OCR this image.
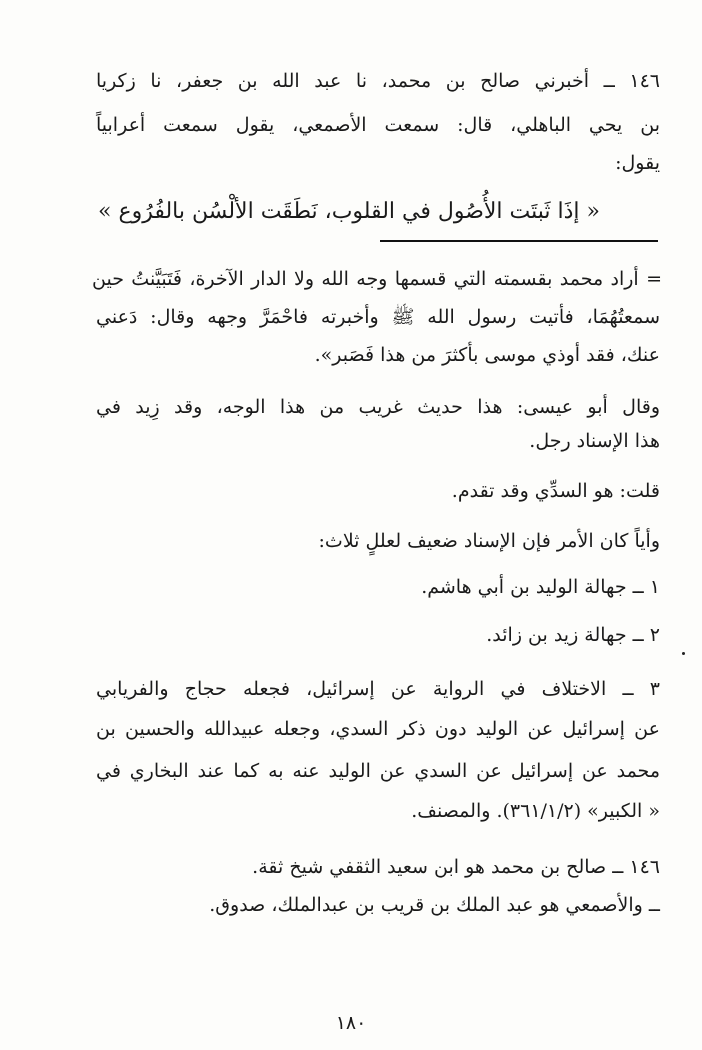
١٤٦ ــ أخبرني صالح بن محمد، نا عبد الله بن جعفر، نا زكريا
بن يحي الباهلي، قال: سمعت الأصمعي، يقول سمعت أعرابياً
يقول:
« إذَا ثَبتَت الأُصُول في القلوب، نَطَقَت الألْسُن بالفُرُوع »
= أراد محمد بقسمته التي قسمها وجه الله ولا الدار الآخرة، فَتَبَيَّنتُ حين
سمعتُهُمَا، فأتيت رسول الله ﷺ وأخبرته فاحْمَرَّ وجهه وقال: دَعني
عنك، فقد أوذي موسى بأكثرَ من هذا فَصَبر».
وقال أبو عيسى: هذا حديث غريب من هذا الوجه، وقد زِيد في
هذا الإسناد رجل.
قلت: هو السدِّي وقد تقدم.
وأياً كان الأمر فإن الإسناد ضعيف لعللٍ ثلاث:
١ ــ جهالة الوليد بن أبي هاشم.
٢ ــ جهالة زيد بن زائد.
٣ ــ الاختلاف في الرواية عن إسرائيل، فجعله حجاج والفريابي
عن إسرائيل عن الوليد دون ذكر السدي، وجعله عبيدالله والحسين بن
محمد عن إسرائيل عن السدي عن الوليد عنه به كما عند البخاري في
« الكبير» (٣٦١/١/٢). والمصنف.
١٤٦ ــ صالح بن محمد هو ابن سعيد الثقفي شيخ ثقة.
ــ والأصمعي هو عبد الملك بن قريب بن عبدالملك، صدوق.
١٨٠
